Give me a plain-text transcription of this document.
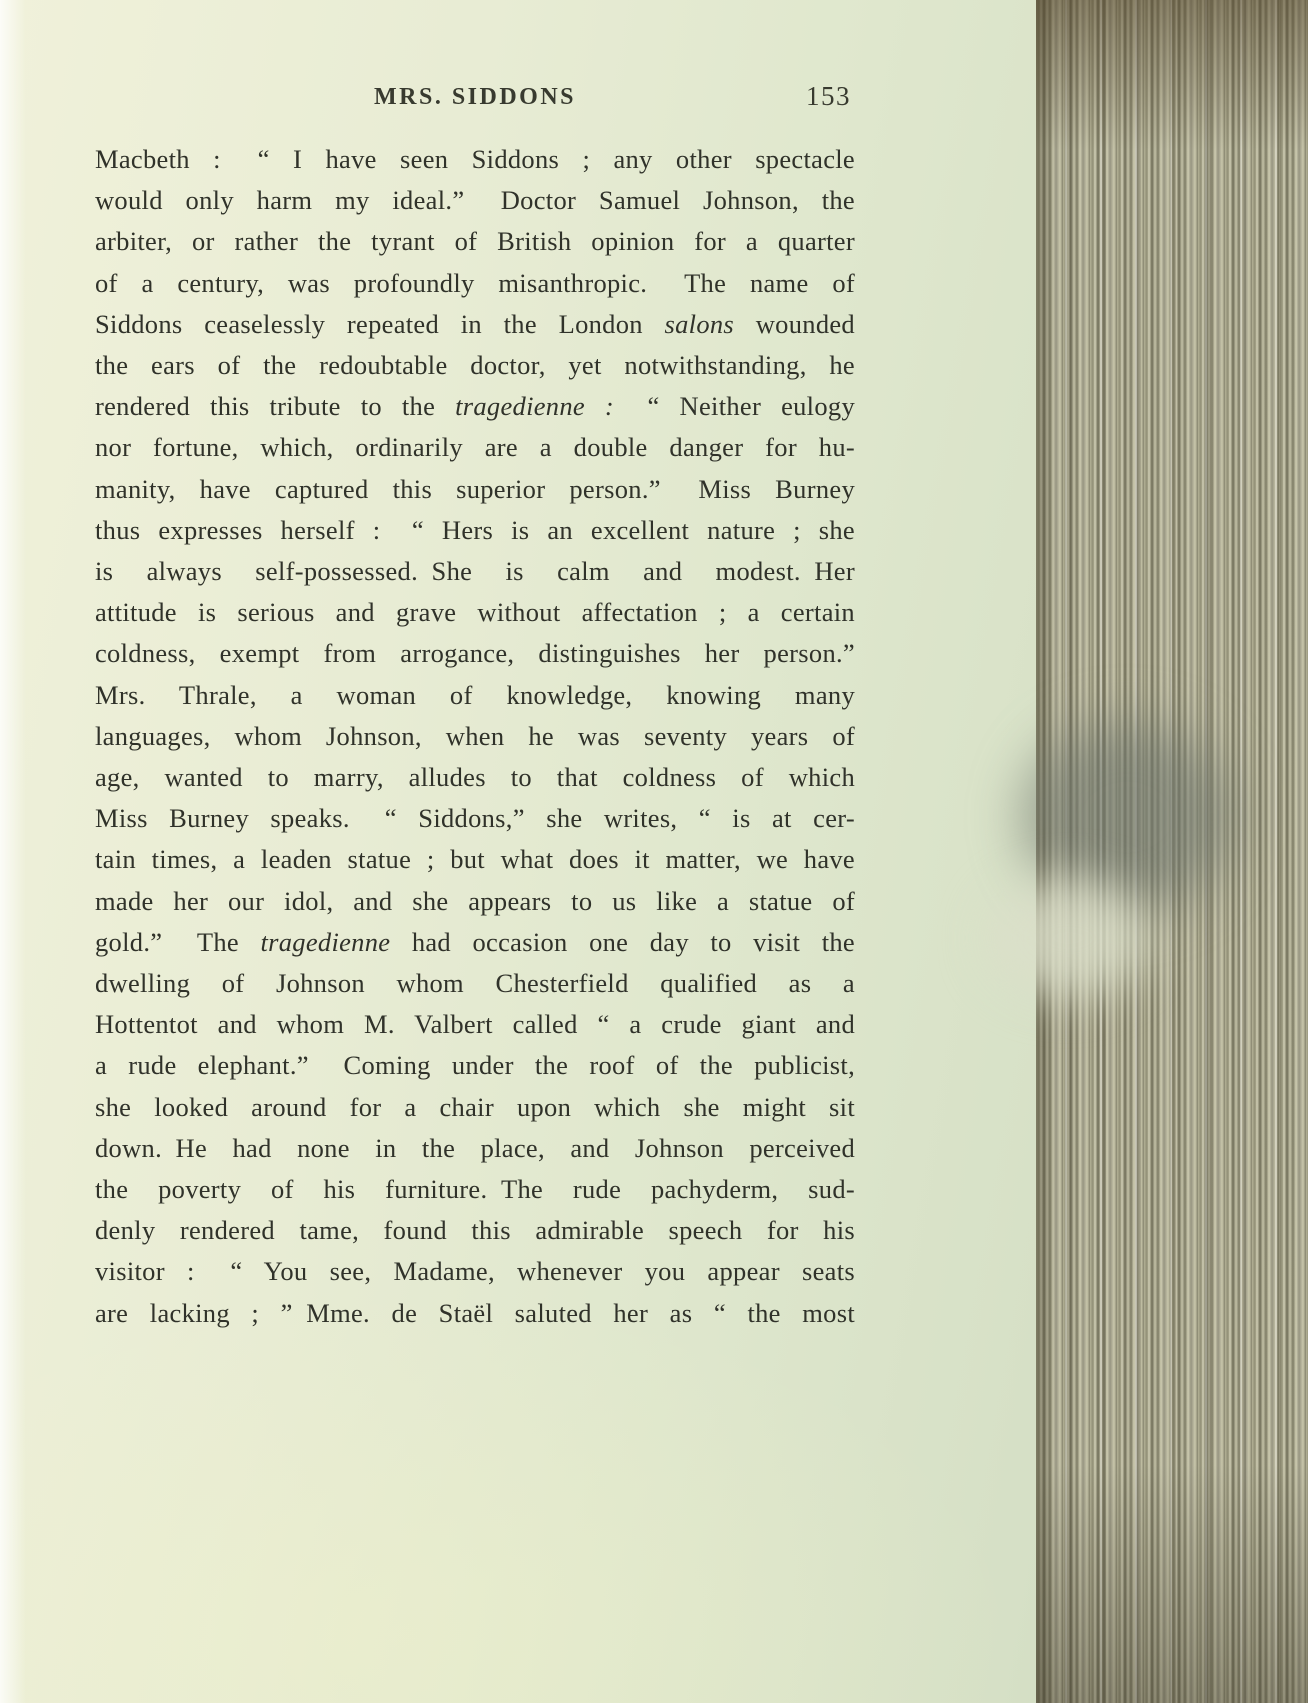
MRS. SIDDONS	153
Macbeth :  “ I have seen Siddons ; any other spectacle
would only harm my ideal.”  Doctor Samuel Johnson, the
arbiter, or rather the tyrant of British opinion for a quarter
of a century, was profoundly misanthropic.  The name of
Siddons ceaselessly repeated in the London salons wounded
the ears of the redoubtable doctor, yet notwithstanding, he
rendered this tribute to the tragedienne :  “ Neither eulogy
nor fortune, which, ordinarily are a double danger for hu-
manity, have captured this superior person.”  Miss Burney
thus expresses herself :  “ Hers is an excellent nature ; she
is always self-possessed. She is calm and modest. Her
attitude is serious and grave without affectation ; a certain
coldness, exempt from arrogance, distinguishes her person.”
Mrs. Thrale, a woman of knowledge, knowing many
languages, whom Johnson, when he was seventy years of
age, wanted to marry, alludes to that coldness of which
Miss Burney speaks.  “ Siddons,” she writes, “ is at cer-
tain times, a leaden statue ; but what does it matter, we have
made her our idol, and she appears to us like a statue of
gold.”  The tragedienne had occasion one day to visit the
dwelling of Johnson whom Chesterfield qualified as a
Hottentot and whom M. Valbert called “ a crude giant and
a rude elephant.”  Coming under the roof of the publicist,
she looked around for a chair upon which she might sit
down. He had none in the place, and Johnson perceived
the poverty of his furniture. The rude pachyderm, sud-
denly rendered tame, found this admirable speech for his
visitor :  “ You see, Madame, whenever you appear seats
are lacking ; ” Mme. de Staël saluted her as “ the most
